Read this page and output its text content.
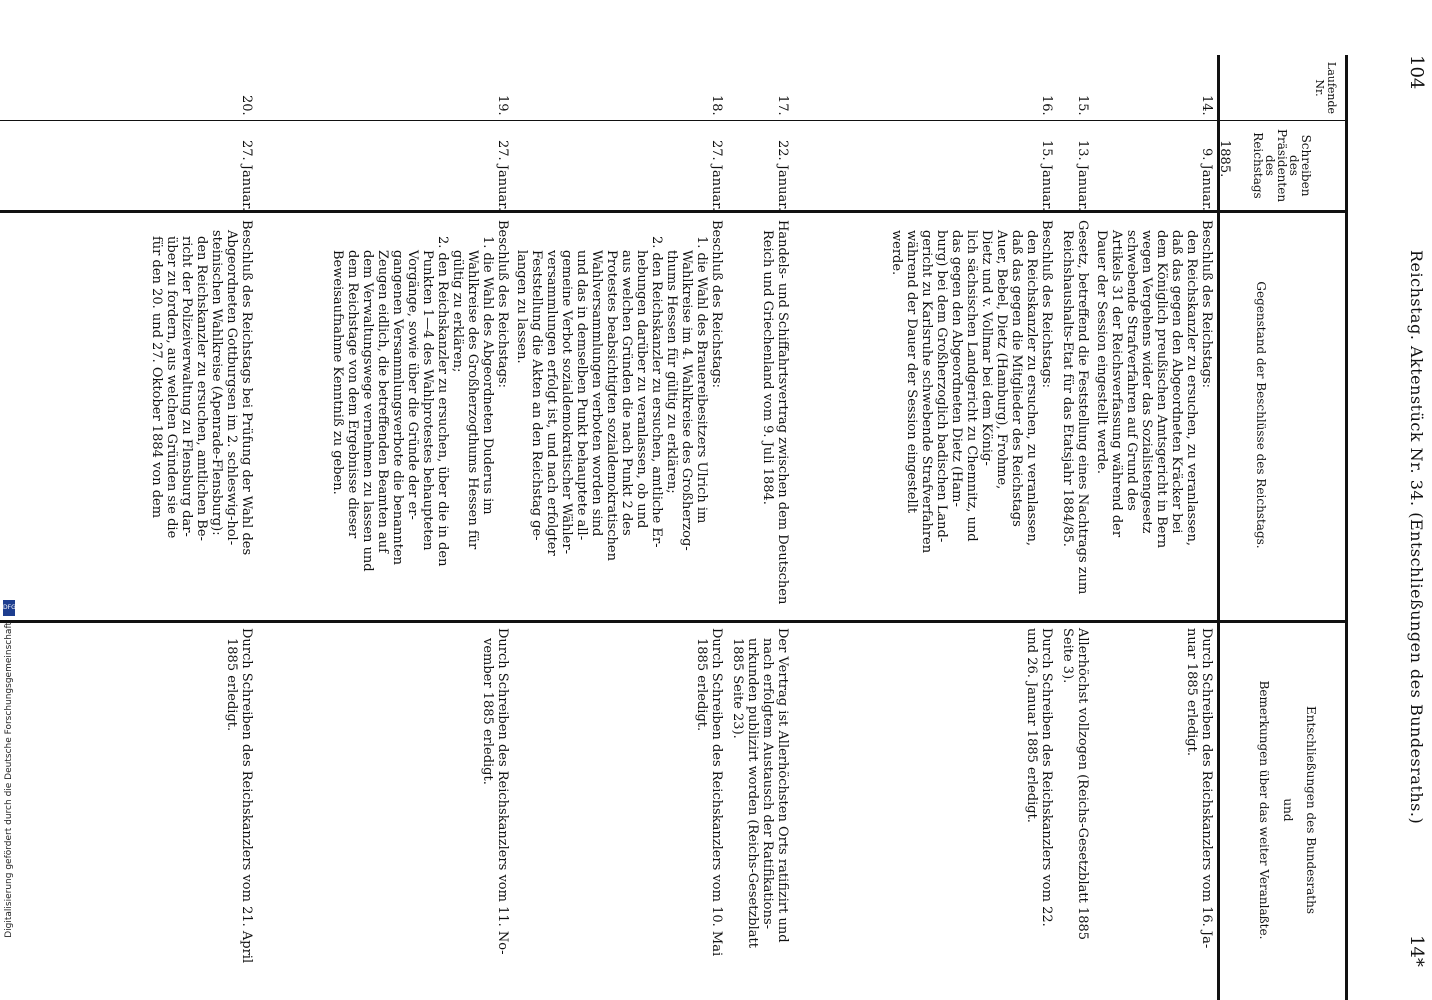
104
Reichstag. Aktenstück Nr. 34. (Entschließungen des Bundesraths.)
14*
Laufende Nr.
Schreiben des Präsidenten des Reichstags
Gegenstand der Beschlüsse des Reichstags.
Entschließungen des Bundesraths
und
Bemerkungen über das weiter Veranlaßte.
1885.
14.
9. Januar.
Beschluß des Reichstags:
den Reichskanzler zu ersuchen, zu veranlassen,
daß das gegen den Abgeordneten Kräcker bei
dem Königlich preußischen Amtsgericht in Bern
wegen Vergehens wider das Sozialistengesetz
schwebende Strafverfahren auf Grund des
Artikels 31 der Reichsverfassung während der
Dauer der Session eingestellt werde.
Durch Schreiben des Reichskanzlers vom 16. Ja-
nuar 1885 erledigt.
15.
13. Januar.
Gesetz, betreffend die Feststellung eines Nachtrags zum
Reichshaushalts-Etat für das Etatsjahr 1884/85.
Allerhöchst vollzogen (Reichs-Gesetzblatt 1885
Seite 3).
16.
15. Januar.
Beschluß des Reichstags:
den Reichskanzler zu ersuchen, zu veranlassen,
daß das gegen die Mitglieder des Reichstags
Auer, Bebel, Dietz (Hamburg), Frohme,
Dietz und v. Vollmar bei dem König-
lich sächsischen Landgericht zu Chemnitz, und
das gegen den Abgeordneten Dietz (Ham-
burg) bei dem Großherzoglich badischen Land-
gericht zu Karlsruhe schwebende Strafverfahren
während der Dauer der Session eingestellt
werde.
Durch Schreiben des Reichskanzlers vom 22.
und 26. Januar 1885 erledigt.
17.
22. Januar.
Handels- und Schiffahrtsvertrag zwischen dem Deutschen
Reich und Griechenland vom 9. Juli 1884.
Der Vertrag ist Allerhöchsten Orts ratifizirt und
nach erfolgtem Austausch der Ratifikations-
urkunden publizirt worden (Reichs-Gesetzblatt
1885 Seite 23).
18.
27. Januar.
Beschluß des Reichstags:
1. die Wahl des Brauereibesitzers Ulrich im
Wahlkreise im 4. Wahlkreise des Großherzog-
thums Hessen für gültig zu erklären;
2. den Reichskanzler zu ersuchen, amtliche Er-
hebungen darüber zu veranlassen, ob und
aus welchen Gründen die nach Punkt 2 des
Protestes beabsichtigten sozialdemokratischen
Wahlversammlungen verboten worden sind
und das in demselben Punkt behauptete all-
gemeine Verbot sozialdemokratischer Wähler-
versammlungen erfolgt ist, und nach erfolgter
Feststellung die Akten an den Reichstag ge-
langen zu lassen.
Durch Schreiben des Reichskanzlers vom 10. Mai
1885 erledigt.
19.
27. Januar.
Beschluß des Reichstags:
1. die Wahl des Abgeordneten Duderus im
Wahlkreise des Großherzogthums Hessen für
gültig zu erklären;
2. den Reichskanzler zu ersuchen, über die in den
Punkten 1—4 des Wahlprotestes behaupteten
Vorgänge, sowie über die Gründe der er-
gangenen Versammlungsverbote die benannten
Zeugen eidlich, die betreffenden Beamten auf
dem Verwaltungswege vernehmen zu lassen und
dem Reichstage von dem Ergebnisse dieser
Beweisaufnahme Kenntniß zu geben.
Durch Schreiben des Reichskanzlers vom 11. No-
vember 1885 erledigt.
20.
27. Januar.
Beschluß des Reichstags bei Prüfung der Wahl des
Abgeordneten Gottburgsen im 2. schleswig-hol-
steinischen Wahlkreise (Apenrade-Flensburg):
den Reichskanzler zu ersuchen, amtlichen Be-
richt der Polizeiverwaltung zu Flensburg dar-
über zu fordern, aus welchen Gründen sie die
für den 20. und 27. Oktober 1884 von dem
Durch Schreiben des Reichskanzlers vom 21. April
1885 erledigt.
DFG
Digitalisierung gefördert durch die Deutsche Forschungsgemeinschaft
